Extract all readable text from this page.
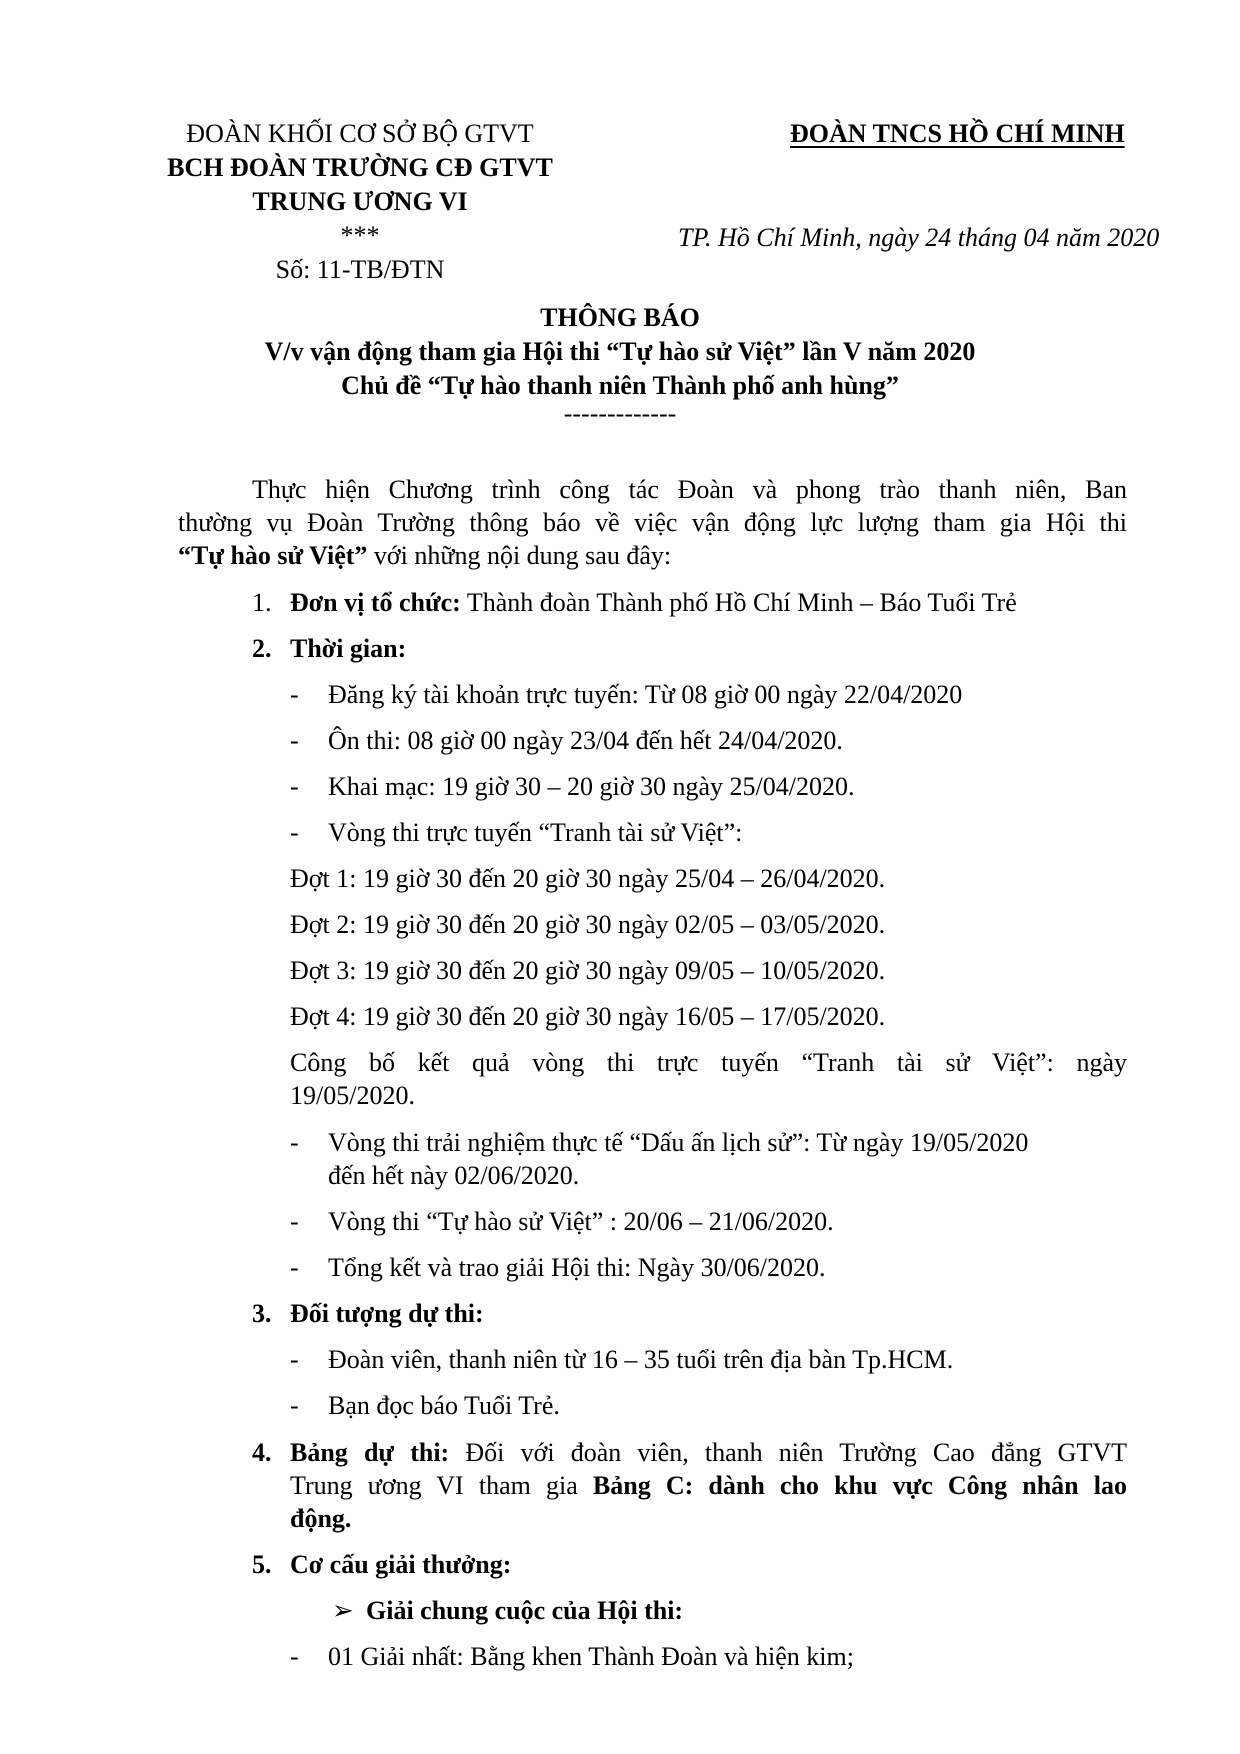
ĐOÀN KHỐI CƠ SỞ BỘ GTVT
BCH ĐOÀN TRƯỜNG CĐ GTVT
TRUNG ƯƠNG VI
***
Số: 11-TB/ĐTN
ĐOÀN TNCS HỒ CHÍ MINH
TP. Hồ Chí Minh, ngày 24 tháng 04 năm 2020
THÔNG BÁO
V/v vận động tham gia Hội thi “Tự hào sử Việt” lần V năm 2020
Chủ đề “Tự hào thanh niên Thành phố anh hùng”
-------------
Thực hiện Chương trình công tác Đoàn và phong trào thanh niên, Ban
thường vụ Đoàn Trường thông báo về việc vận động lực lượng tham gia Hội thi
“Tự hào sử Việt” với những nội dung sau đây:
1. Đơn vị tổ chức: Thành đoàn Thành phố Hồ Chí Minh – Báo Tuổi Trẻ
2. Thời gian:
- Đăng ký tài khoản trực tuyến: Từ 08 giờ 00 ngày 22/04/2020
- Ôn thi: 08 giờ 00 ngày 23/04 đến hết 24/04/2020.
- Khai mạc: 19 giờ 30 – 20 giờ 30 ngày 25/04/2020.
- Vòng thi trực tuyến “Tranh tài sử Việt”:
Đợt 1: 19 giờ 30 đến 20 giờ 30 ngày 25/04 – 26/04/2020.
Đợt 2: 19 giờ 30 đến 20 giờ 30 ngày 02/05 – 03/05/2020.
Đợt 3: 19 giờ 30 đến 20 giờ 30 ngày 09/05 – 10/05/2020.
Đợt 4: 19 giờ 30 đến 20 giờ 30 ngày 16/05 – 17/05/2020.
Công bố kết quả vòng thi trực tuyến “Tranh tài sử Việt”: ngày
19/05/2020.
- Vòng thi trải nghiệm thực tế “Dấu ấn lịch sử”: Từ ngày 19/05/2020
đến hết này 02/06/2020.
- Vòng thi “Tự hào sử Việt” : 20/06 – 21/06/2020.
- Tổng kết và trao giải Hội thi: Ngày 30/06/2020.
3. Đối tượng dự thi:
- Đoàn viên, thanh niên từ 16 – 35 tuổi trên địa bàn Tp.HCM.
- Bạn đọc báo Tuổi Trẻ.
4. Bảng dự thi: Đối với đoàn viên, thanh niên Trường Cao đẳng GTVT
Trung ương VI tham gia Bảng C: dành cho khu vực Công nhân lao
động.
5. Cơ cấu giải thưởng:
➢ Giải chung cuộc của Hội thi:
- 01 Giải nhất: Bằng khen Thành Đoàn và hiện kim;
